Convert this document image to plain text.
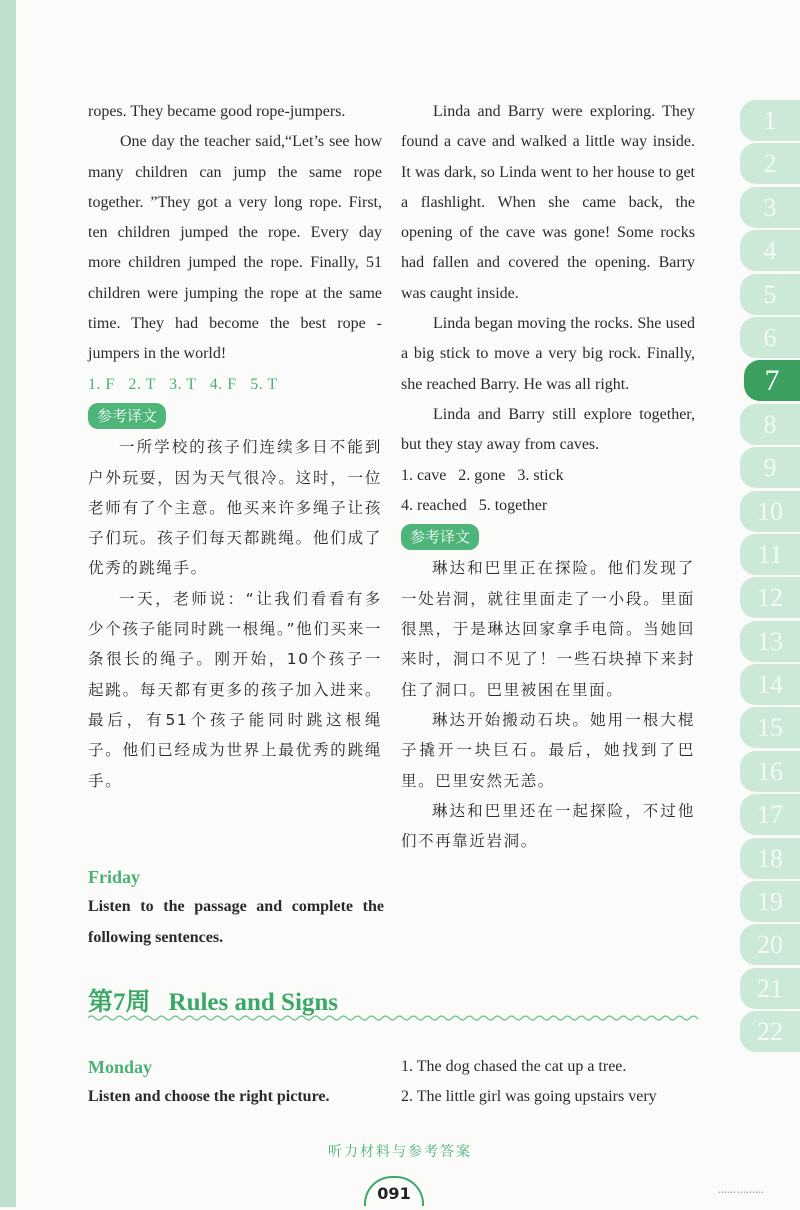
ropes. They became good rope-jumpers.

One day the teacher said,“Let’s see how many children can jump the same rope together. ”They got a very long rope. First, ten children jumped the rope. Every day more children jumped the rope. Finally, 51 children were jumping the rope at the same time. They had become the best rope - jumpers in the world!

1. F   2. T   3. T   4. F   5. T

参考译文

一所学校的孩子们连续多日不能到户外玩耍，因为天气很冷。这时，一位老师有了个主意。他买来许多绳子让孩子们玩。孩子们每天都跳绳。他们成了优秀的跳绳手。

一天，老师说：“让我们看看有多少个孩子能同时跳一根绳。”他们买来一条很长的绳子。刚开始，10个孩子一起跳。每天都有更多的孩子加入进来。最后，有51个孩子能同时跳这根绳子。他们已经成为世界上最优秀的跳绳手。

Friday
Listen to the passage and complete the following sentences.

Linda and Barry were exploring. They found a cave and walked a little way inside. It was dark, so Linda went to her house to get a flashlight. When she came back, the opening of the cave was gone! Some rocks had fallen and covered the opening. Barry was caught inside.

Linda began moving the rocks. She used a big stick to move a very big rock. Finally, she reached Barry. He was all right.

Linda and Barry still explore together, but they stay away from caves.

1. cave   2. gone   3. stick

4. reached   5. together

参考译文

琳达和巴里正在探险。他们发现了一处岩洞，就往里面走了一小段。里面很黑，于是琳达回家拿手电筒。当她回来时，洞口不见了！一些石块掉下来封住了洞口。巴里被困在里面。

琳达开始搬动石块。她用一根大棍子撬开一块巨石。最后，她找到了巴里。巴里安然无恙。

琳达和巴里还在一起探险，不过他们不再靠近岩洞。

第7周 Rules and Signs
Monday
Listen and choose the right picture.

1. The dog chased the cat up a tree.

2. The little girl was going upstairs very

1
2
3
4
5
6
7
8
9
10
11
12
13
14
15
16
17
18
19
20
21
22
听力材料与参考答案
091	•••••• •••••••••
